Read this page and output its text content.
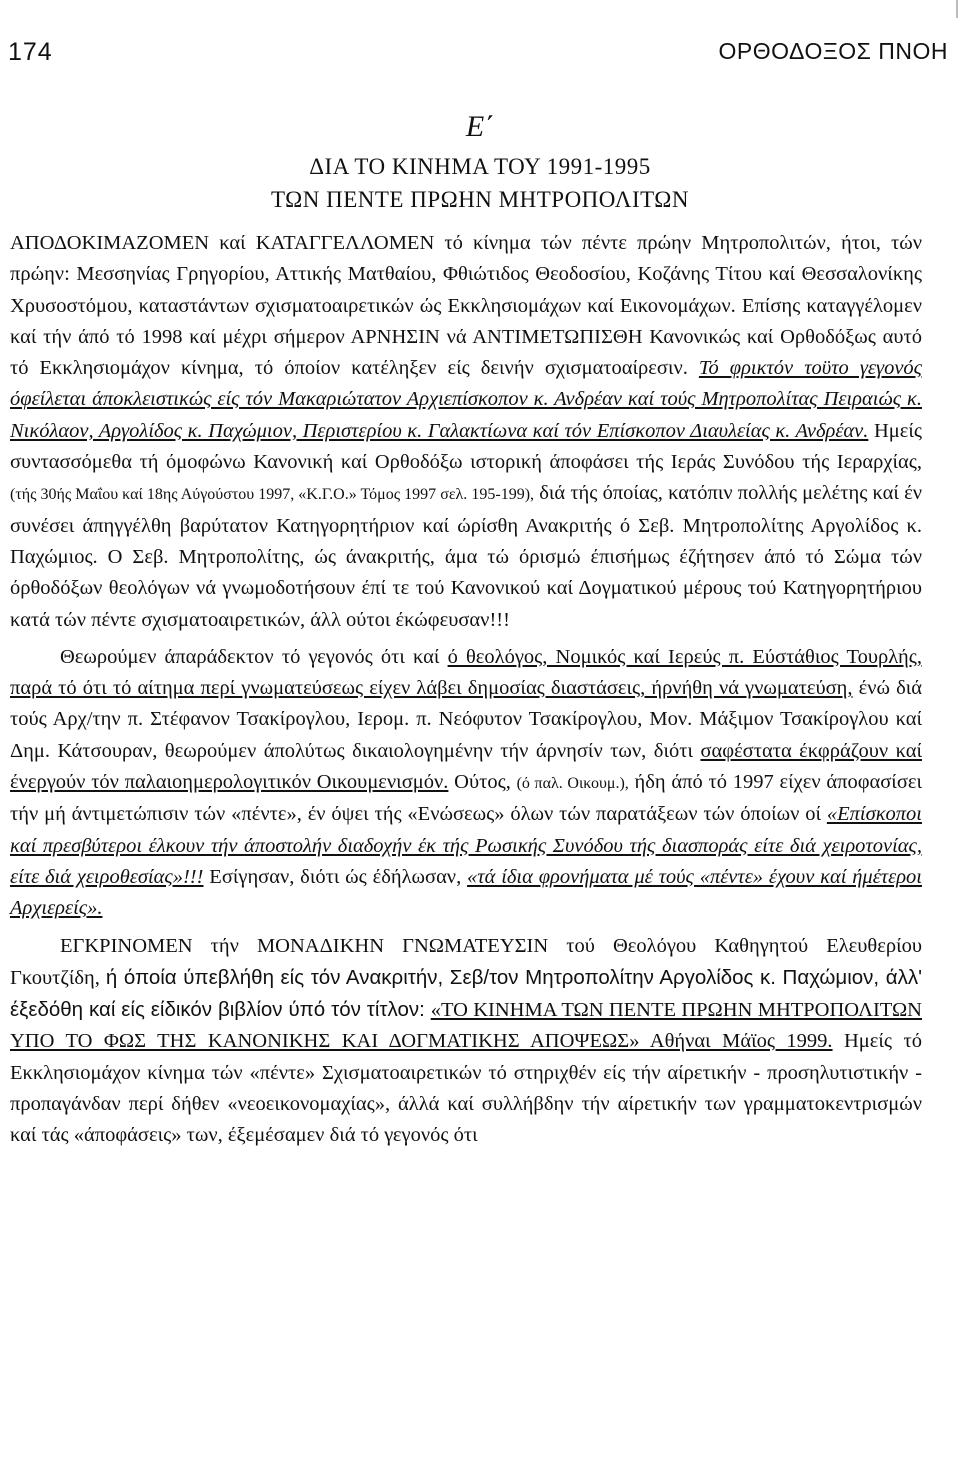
174	ΟΡΘΟΔΟΞΟΣ ΠΝΟΗ
Ε΄
ΔΙΑ ΤΟ ΚΙΝΗΜΑ ΤΟΥ 1991-1995
ΤΩΝ ΠΕΝΤΕ ΠΡΩΗΝ ΜΗΤΡΟΠΟΛΙΤΩΝ

ΑΠΟΔΟΚΙΜΑΖΟΜΕΝ καί ΚΑΤΑΓΓΕΛΛΟΜΕΝ τό κίνημα τών πέντε πρώην Μητροπολιτών, ήτοι, τών πρώην: Μεσσηνίας Γρηγορίου, Αττικής Ματθαίου, Φθιώτιδος Θεοδοσίου, Κοζάνης Τίτου καί Θεσσαλονίκης Χρυσοστόμου, καταστάντων σχισματοαιρετικών ώς Εκκλησιομάχων καί Εικονομάχων. Επίσης καταγγέλομεν καί τήν άπό τό 1998 καί μέχρι σήμερον ΑΡΝΗΣΙΝ νά ΑΝΤΙΜΕΤΩΠΙΣΘΗ Κανονικώς καί Ορθοδόξως αυτό τό Εκκλησιομάχον κίνημα, τό όποίον κατέληξεν είς δεινήν σχισματοαίρεσιν. Τό φρικτόν τοϋτο γεγονός όφείλεται άποκλειστικώς είς τόν Μακαριώτατον Αρχιεπίσκοπον κ. Ανδρέαν καί τούς Μητροπολίτας Πειραιώς κ. Νικόλαον, Αργολίδος κ. Παχώμιον, Περιστερίου κ. Γαλακτίωνα καί τόν Επίσκοπον Διαυλείας κ. Ανδρέαν. Ημείς συντασσόμεθα τή όμοφώνω Κανονική καί Ορθοδόξω ιστορική άποφάσει τής Ιεράς Συνόδου τής Ιεραρχίας, (τής 30ής Μαΐου καί 18ης Αύγούστου 1997, «Κ.Γ.Ο.» Τόμος 1997 σελ. 195-199), διά τής όποίας, κατόπιν πολλής μελέτης καί έν συνέσει άπηγγέλθη βαρύτατον Κατηγορητήριον καί ώρίσθη Ανακριτής ό Σεβ. Μητροπολίτης Αργολίδος κ. Παχώμιος. Ο Σεβ. Μητροπολίτης, ώς άνακριτής, άμα τώ όρισμώ έπισήμως έζήτησεν άπό τό Σώμα τών όρθοδόξων θεολόγων νά γνωμοδοτήσουν έπί τε τού Κανονικού καί Δογματικού μέρους τού Κατηγορητήριου κατά τών πέντε σχισματοαιρετικών, άλλ ούτοι έκώφευσαν!!!

Θεωρούμεν άπαράδεκτον τό γεγονός ότι καί ό θεολόγος, Νομικός καί Ιερεύς π. Εύστάθιος Τουρλής, παρά τό ότι τό αίτημα περί γνωματεύσεως είχεν λάβει δημοσίας διαστάσεις, ήρνήθη νά γνωματεύση, ένώ διά τούς Αρχ/την π. Στέφανον Τσακίρογλου, Ιερομ. π. Νεόφυτον Τσακίρογλου, Μον. Μάξιμον Τσακίρογλου καί Δημ. Κάτσουραν, θεωρούμεν άπολύτως δικαιολογημένην τήν άρνησίν των, διότι σαφέστατα έκφράζουν καί ένεργούν τόν παλαιοημερολογιτικόν Οικουμενισμόν. Ούτος, (ό παλ. Οικουμ.), ήδη άπό τό 1997 είχεν άποφασίσει τήν μή άντιμετώπισιν τών «πέντε», έν όψει τής «Ενώσεως» όλων τών παρατάξεων τών όποίων οί «Επίσκοποι καί πρεσβύτεροι έλκουν τήν άποστολήν διαδοχήν έκ τής Ρωσικής Συνόδου τής διασποράς είτε διά χειροτονίας, είτε διά χειροθεσίας»!!! Εσίγησαν, διότι ώς έδήλωσαν, «τά ίδια φρονήματα μέ τούς «πέντε» έχουν καί ήμέτεροι Αρχιερείς».

ΕΓΚΡΙΝΟΜΕΝ τήν ΜΟΝΑΔΙΚΗΝ ΓΝΩΜΑΤΕΥΣΙΝ τού Θεολόγου Καθηγητού Ελευθερίου Γκουτζίδη, ή όποία ύπεβλήθη είς τόν Ανακριτήν, Σεβ/τον Μητροπολίτην Αργολίδος κ. Παχώμιον, άλλ' έξεδόθη καί είς είδικόν βιβλίον ύπό τόν τίτλον: «ΤΟ ΚΙΝΗΜΑ ΤΩΝ ΠΕΝΤΕ ΠΡΩΗΝ ΜΗΤΡΟΠΟΛΙΤΩΝ ΥΠΟ ΤΟ ΦΩΣ ΤΗΣ ΚΑΝΟΝΙΚΗΣ ΚΑΙ ΔΟΓΜΑΤΙΚΗΣ ΑΠΟΨΕΩΣ» Αθήναι Μάϊος 1999. Ημείς τό Εκκλησιομάχον κίνημα τών «πέντε» Σχισματοαιρετικών τό στηριχθέν είς τήν αίρετικήν - προσηλυτιστικήν - προπαγάνδαν περί δήθεν «νεοεικονομαχίας», άλλά καί συλλήβδην τήν αίρετικήν των γραμματοκεντρισμών καί τάς «άποφάσεις» των, έξεμέσαμεν διά τό γεγονός ότι
